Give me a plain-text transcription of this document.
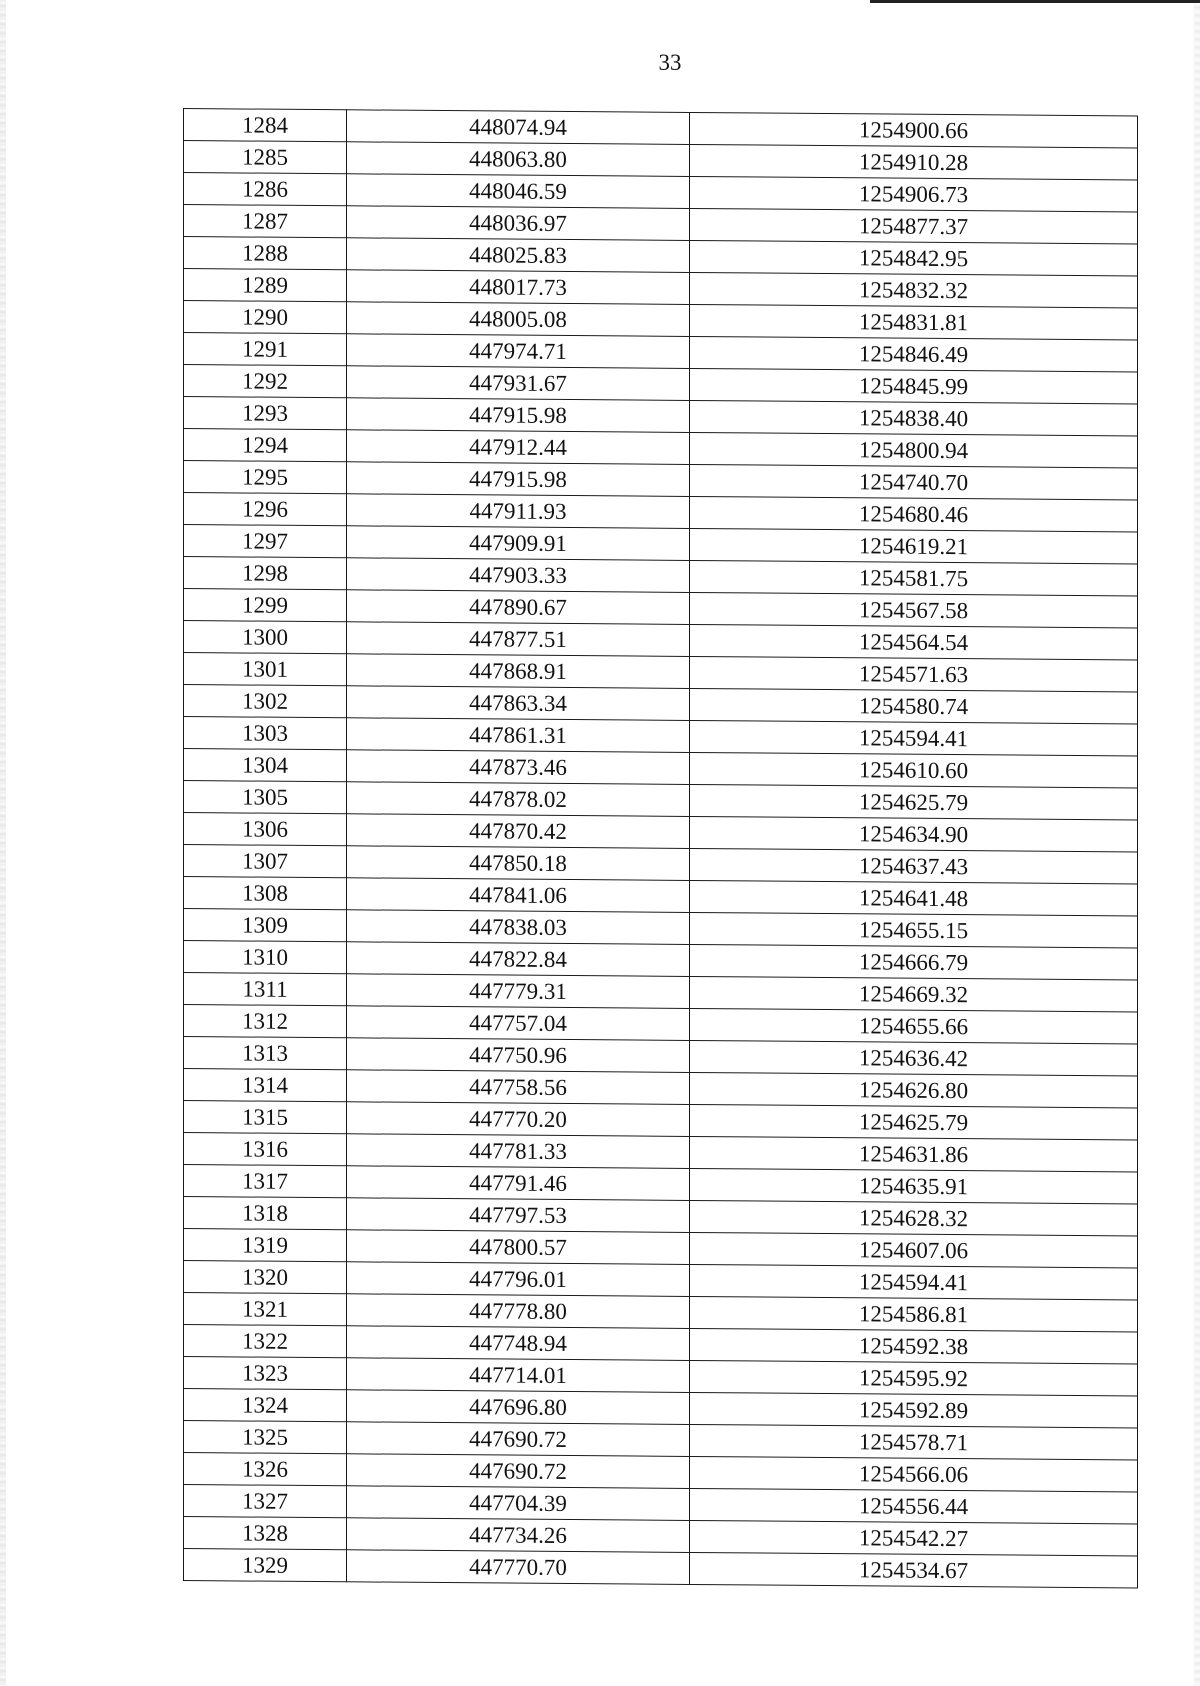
33
1284	448074.94	1254900.66
1285	448063.80	1254910.28
1286	448046.59	1254906.73
1287	448036.97	1254877.37
1288	448025.83	1254842.95
1289	448017.73	1254832.32
1290	448005.08	1254831.81
1291	447974.71	1254846.49
1292	447931.67	1254845.99
1293	447915.98	1254838.40
1294	447912.44	1254800.94
1295	447915.98	1254740.70
1296	447911.93	1254680.46
1297	447909.91	1254619.21
1298	447903.33	1254581.75
1299	447890.67	1254567.58
1300	447877.51	1254564.54
1301	447868.91	1254571.63
1302	447863.34	1254580.74
1303	447861.31	1254594.41
1304	447873.46	1254610.60
1305	447878.02	1254625.79
1306	447870.42	1254634.90
1307	447850.18	1254637.43
1308	447841.06	1254641.48
1309	447838.03	1254655.15
1310	447822.84	1254666.79
1311	447779.31	1254669.32
1312	447757.04	1254655.66
1313	447750.96	1254636.42
1314	447758.56	1254626.80
1315	447770.20	1254625.79
1316	447781.33	1254631.86
1317	447791.46	1254635.91
1318	447797.53	1254628.32
1319	447800.57	1254607.06
1320	447796.01	1254594.41
1321	447778.80	1254586.81
1322	447748.94	1254592.38
1323	447714.01	1254595.92
1324	447696.80	1254592.89
1325	447690.72	1254578.71
1326	447690.72	1254566.06
1327	447704.39	1254556.44
1328	447734.26	1254542.27
1329	447770.70	1254534.67
